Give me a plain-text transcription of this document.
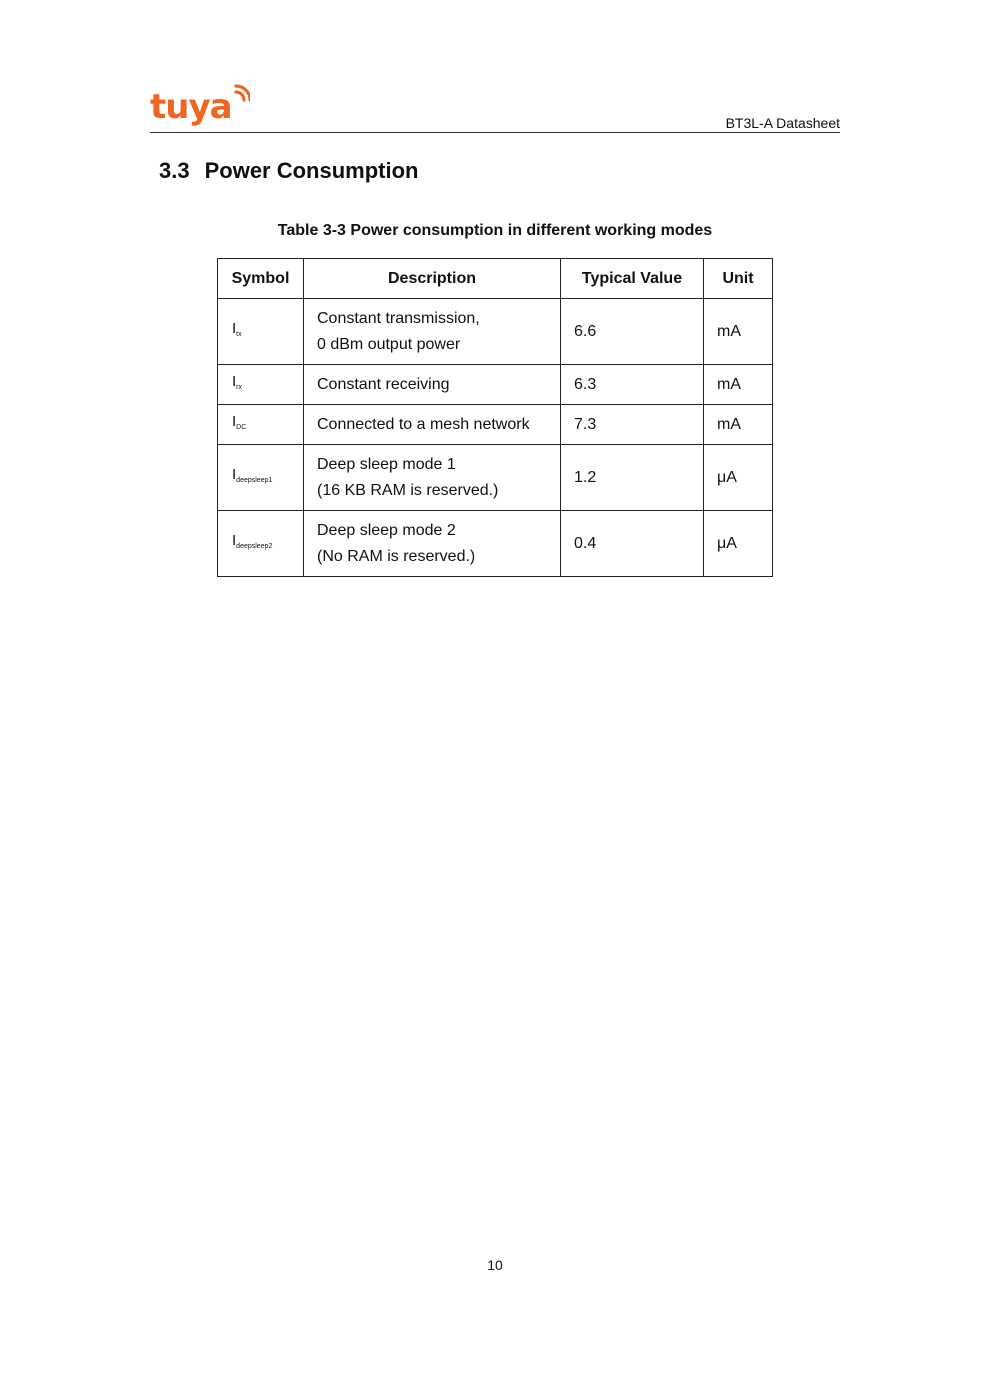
tuya	BT3L-A Datasheet
3.3 Power Consumption
Table 3-3 Power consumption in different working modes
Symbol	Description	Typical Value	Unit
Itx	Constant transmission,
0 dBm output power	6.6	mA
Irx	Constant receiving	6.3	mA
IDC	Connected to a mesh network	7.3	mA
Ideepsleep1	Deep sleep mode 1
(16 KB RAM is reserved.)	1.2	μA
Ideepsleep2	Deep sleep mode 2
(No RAM is reserved.)	0.4	μA
10
